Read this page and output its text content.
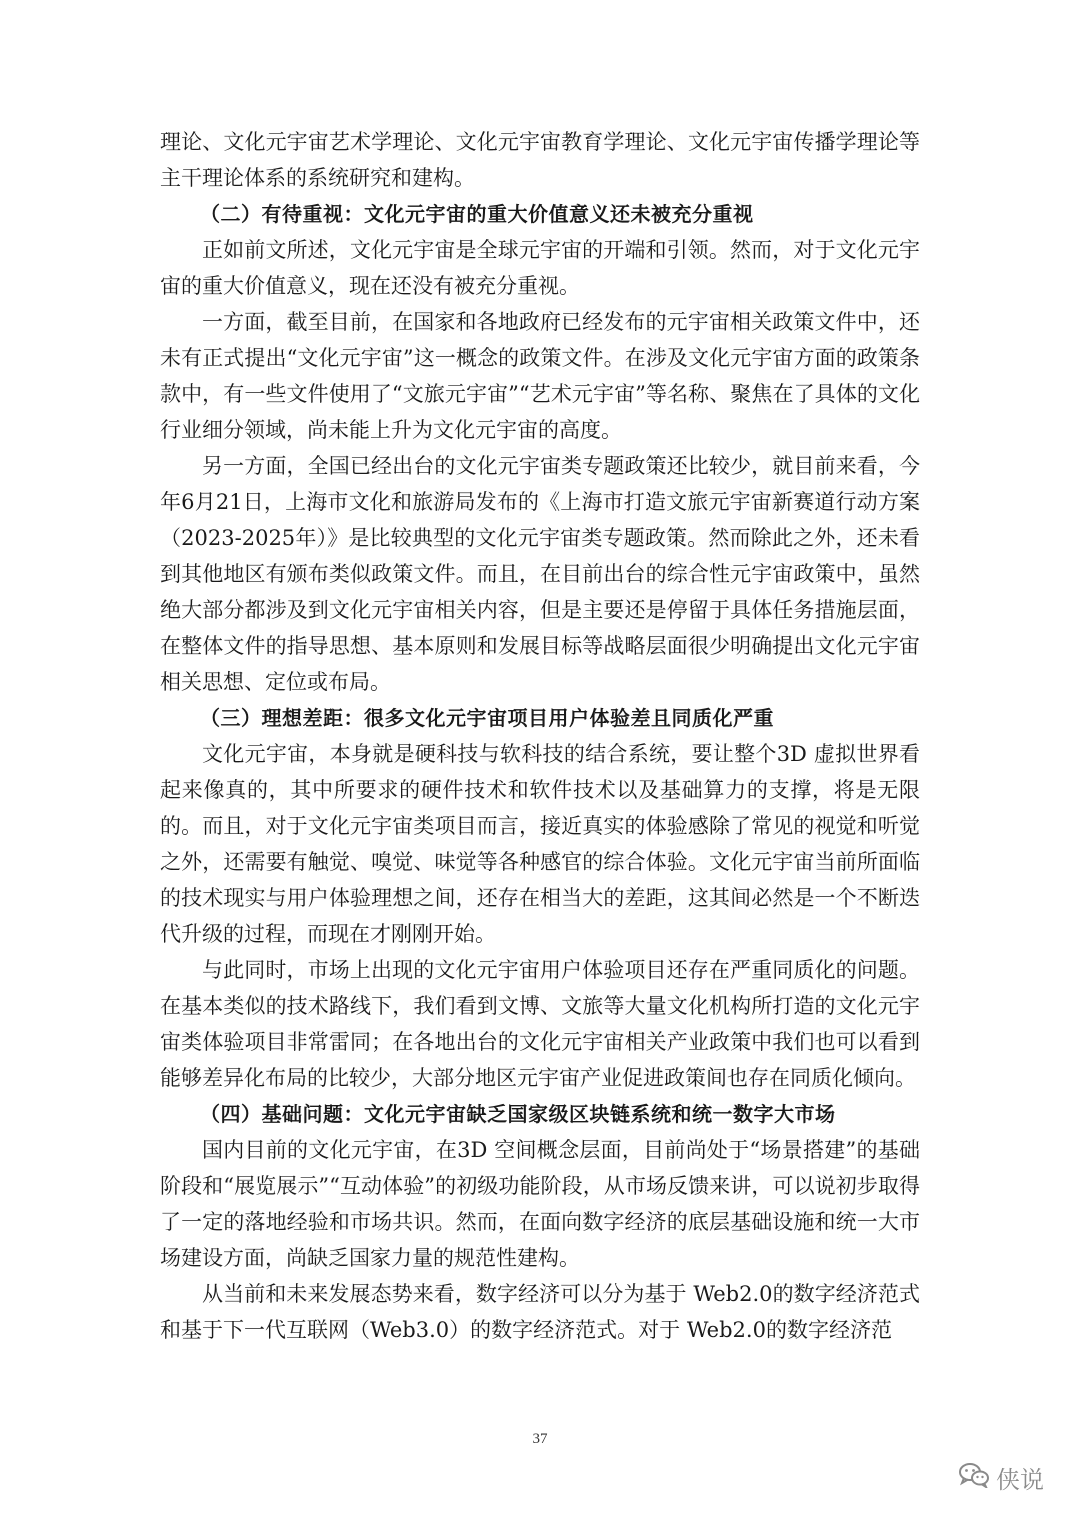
理论、文化元宇宙艺术学理论、文化元宇宙教育学理论、文化元宇宙传播学理论等主干理论体系的系统研究和建构。

（二）有待重视：文化元宇宙的重大价值意义还未被充分重视

正如前文所述，文化元宇宙是全球元宇宙的开端和引领。然而，对于文化元宇宙的重大价值意义，现在还没有被充分重视。

一方面，截至目前，在国家和各地政府已经发布的元宇宙相关政策文件中，还未有正式提出“文化元宇宙”这一概念的政策文件。在涉及文化元宇宙方面的政策条款中，有一些文件使用了“文旅元宇宙”“艺术元宇宙”等名称、聚焦在了具体的文化行业细分领域，尚未能上升为文化元宇宙的高度。

另一方面，全国已经出台的文化元宇宙类专题政策还比较少，就目前来看，今年6月21日，上海市文化和旅游局发布的《上海市打造文旅元宇宙新赛道行动方案（2023-2025年）》是比较典型的文化元宇宙类专题政策。然而除此之外，还未看到其他地区有颁布类似政策文件。而且，在目前出台的综合性元宇宙政策中，虽然绝大部分都涉及到文化元宇宙相关内容，但是主要还是停留于具体任务措施层面，在整体文件的指导思想、基本原则和发展目标等战略层面很少明确提出文化元宇宙相关思想、定位或布局。

（三）理想差距：很多文化元宇宙项目用户体验差且同质化严重

文化元宇宙，本身就是硬科技与软科技的结合系统，要让整个3D 虚拟世界看起来像真的，其中所要求的硬件技术和软件技术以及基础算力的支撑，将是无限的。而且，对于文化元宇宙类项目而言，接近真实的体验感除了常见的视觉和听觉之外，还需要有触觉、嗅觉、味觉等各种感官的综合体验。文化元宇宙当前所面临的技术现实与用户体验理想之间，还存在相当大的差距，这其间必然是一个不断迭代升级的过程，而现在才刚刚开始。

与此同时，市场上出现的文化元宇宙用户体验项目还存在严重同质化的问题。在基本类似的技术路线下，我们看到文博、文旅等大量文化机构所打造的文化元宇宙类体验项目非常雷同；在各地出台的文化元宇宙相关产业政策中我们也可以看到能够差异化布局的比较少，大部分地区元宇宙产业促进政策间也存在同质化倾向。

（四）基础问题：文化元宇宙缺乏国家级区块链系统和统一数字大市场

国内目前的文化元宇宙，在3D 空间概念层面，目前尚处于“场景搭建”的基础阶段和“展览展示”“互动体验”的初级功能阶段，从市场反馈来讲，可以说初步取得了一定的落地经验和市场共识。然而，在面向数字经济的底层基础设施和统一大市场建设方面，尚缺乏国家力量的规范性建构。

从当前和未来发展态势来看，数字经济可以分为基于 Web2.0的数字经济范式和基于下一代互联网（Web3.0）的数字经济范式。对于 Web2.0的数字经济范

37
侠说
